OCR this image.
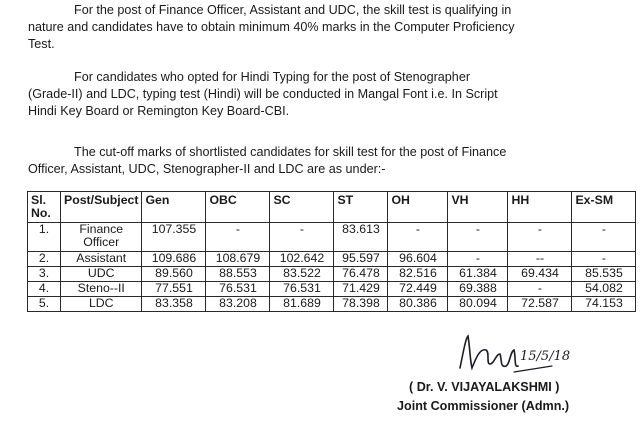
For the post of Finance Officer, Assistant and UDC, the skill test is qualifying in
nature and candidates have to obtain minimum 40% marks in the Computer Proficiency
Test.

For candidates who opted for Hindi Typing for the post of Stenographer
(Grade-II) and LDC, typing test (Hindi) will be conducted in Mangal Font i.e. In Script
Hindi Key Board or Remington Key Board-CBI.

The cut-off marks of shortlisted candidates for skill test for the post of Finance
Officer, Assistant, UDC, Stenographer-II and LDC are as under:-

Sl. No.	Post/Subject	Gen	OBC	SC	ST	OH	VH	HH	Ex-SM
1.	Finance Officer	107.355	-	-	83.613	-	-	-	-
2.	Assistant	109.686	108.679	102.642	95.597	96.604	-	--	-
3.	UDC	89.560	88.553	83.522	76.478	82.516	61.384	69.434	85.535
4.	Steno--II	77.551	76.531	76.531	71.429	72.449	69.388	-	54.082
5.	LDC	83.358	83.208	81.689	78.398	80.386	80.094	72.587	74.153
15/5/18
( Dr. V. VIJAYALAKSHMI )
Joint Commissioner (Admn.)
